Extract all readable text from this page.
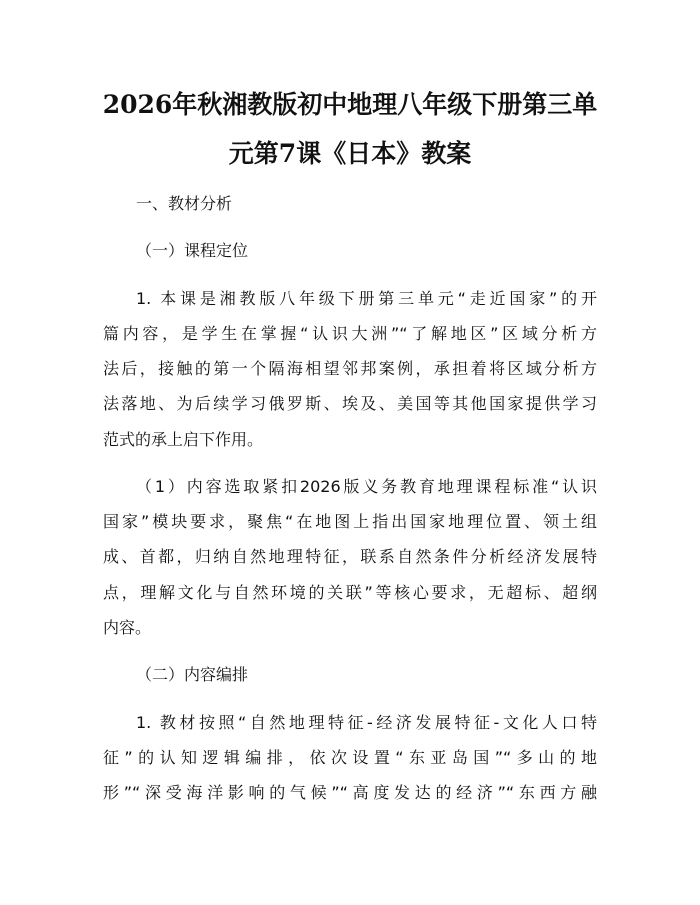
2026年秋湘教版初中地理八年级下册第三单
元第7课《日本》教案

一、教材分析

（一）课程定位

1. 本课是湘教版八年级下册第三单元“走近国家”的开

篇内容，是学生在掌握“认识大洲”“了解地区”区域分析方

法后，接触的第一个隔海相望邻邦案例，承担着将区域分析方

法落地、为后续学习俄罗斯、埃及、美国等其他国家提供学习

范式的承上启下作用。

（1）内容选取紧扣2026版义务教育地理课程标准“认识

国家”模块要求，聚焦“在地图上指出国家地理位置、领土组

成、首都，归纳自然地理特征，联系自然条件分析经济发展特

点，理解文化与自然环境的关联”等核心要求，无超标、超纲

内容。

（二）内容编排

1. 教材按照“自然地理特征-经济发展特征-文化人口特

征”的认知逻辑编排，依次设置“东亚岛国”“多山的地

形”“深受海洋影响的气候”“高度发达的经济”“东西方融
